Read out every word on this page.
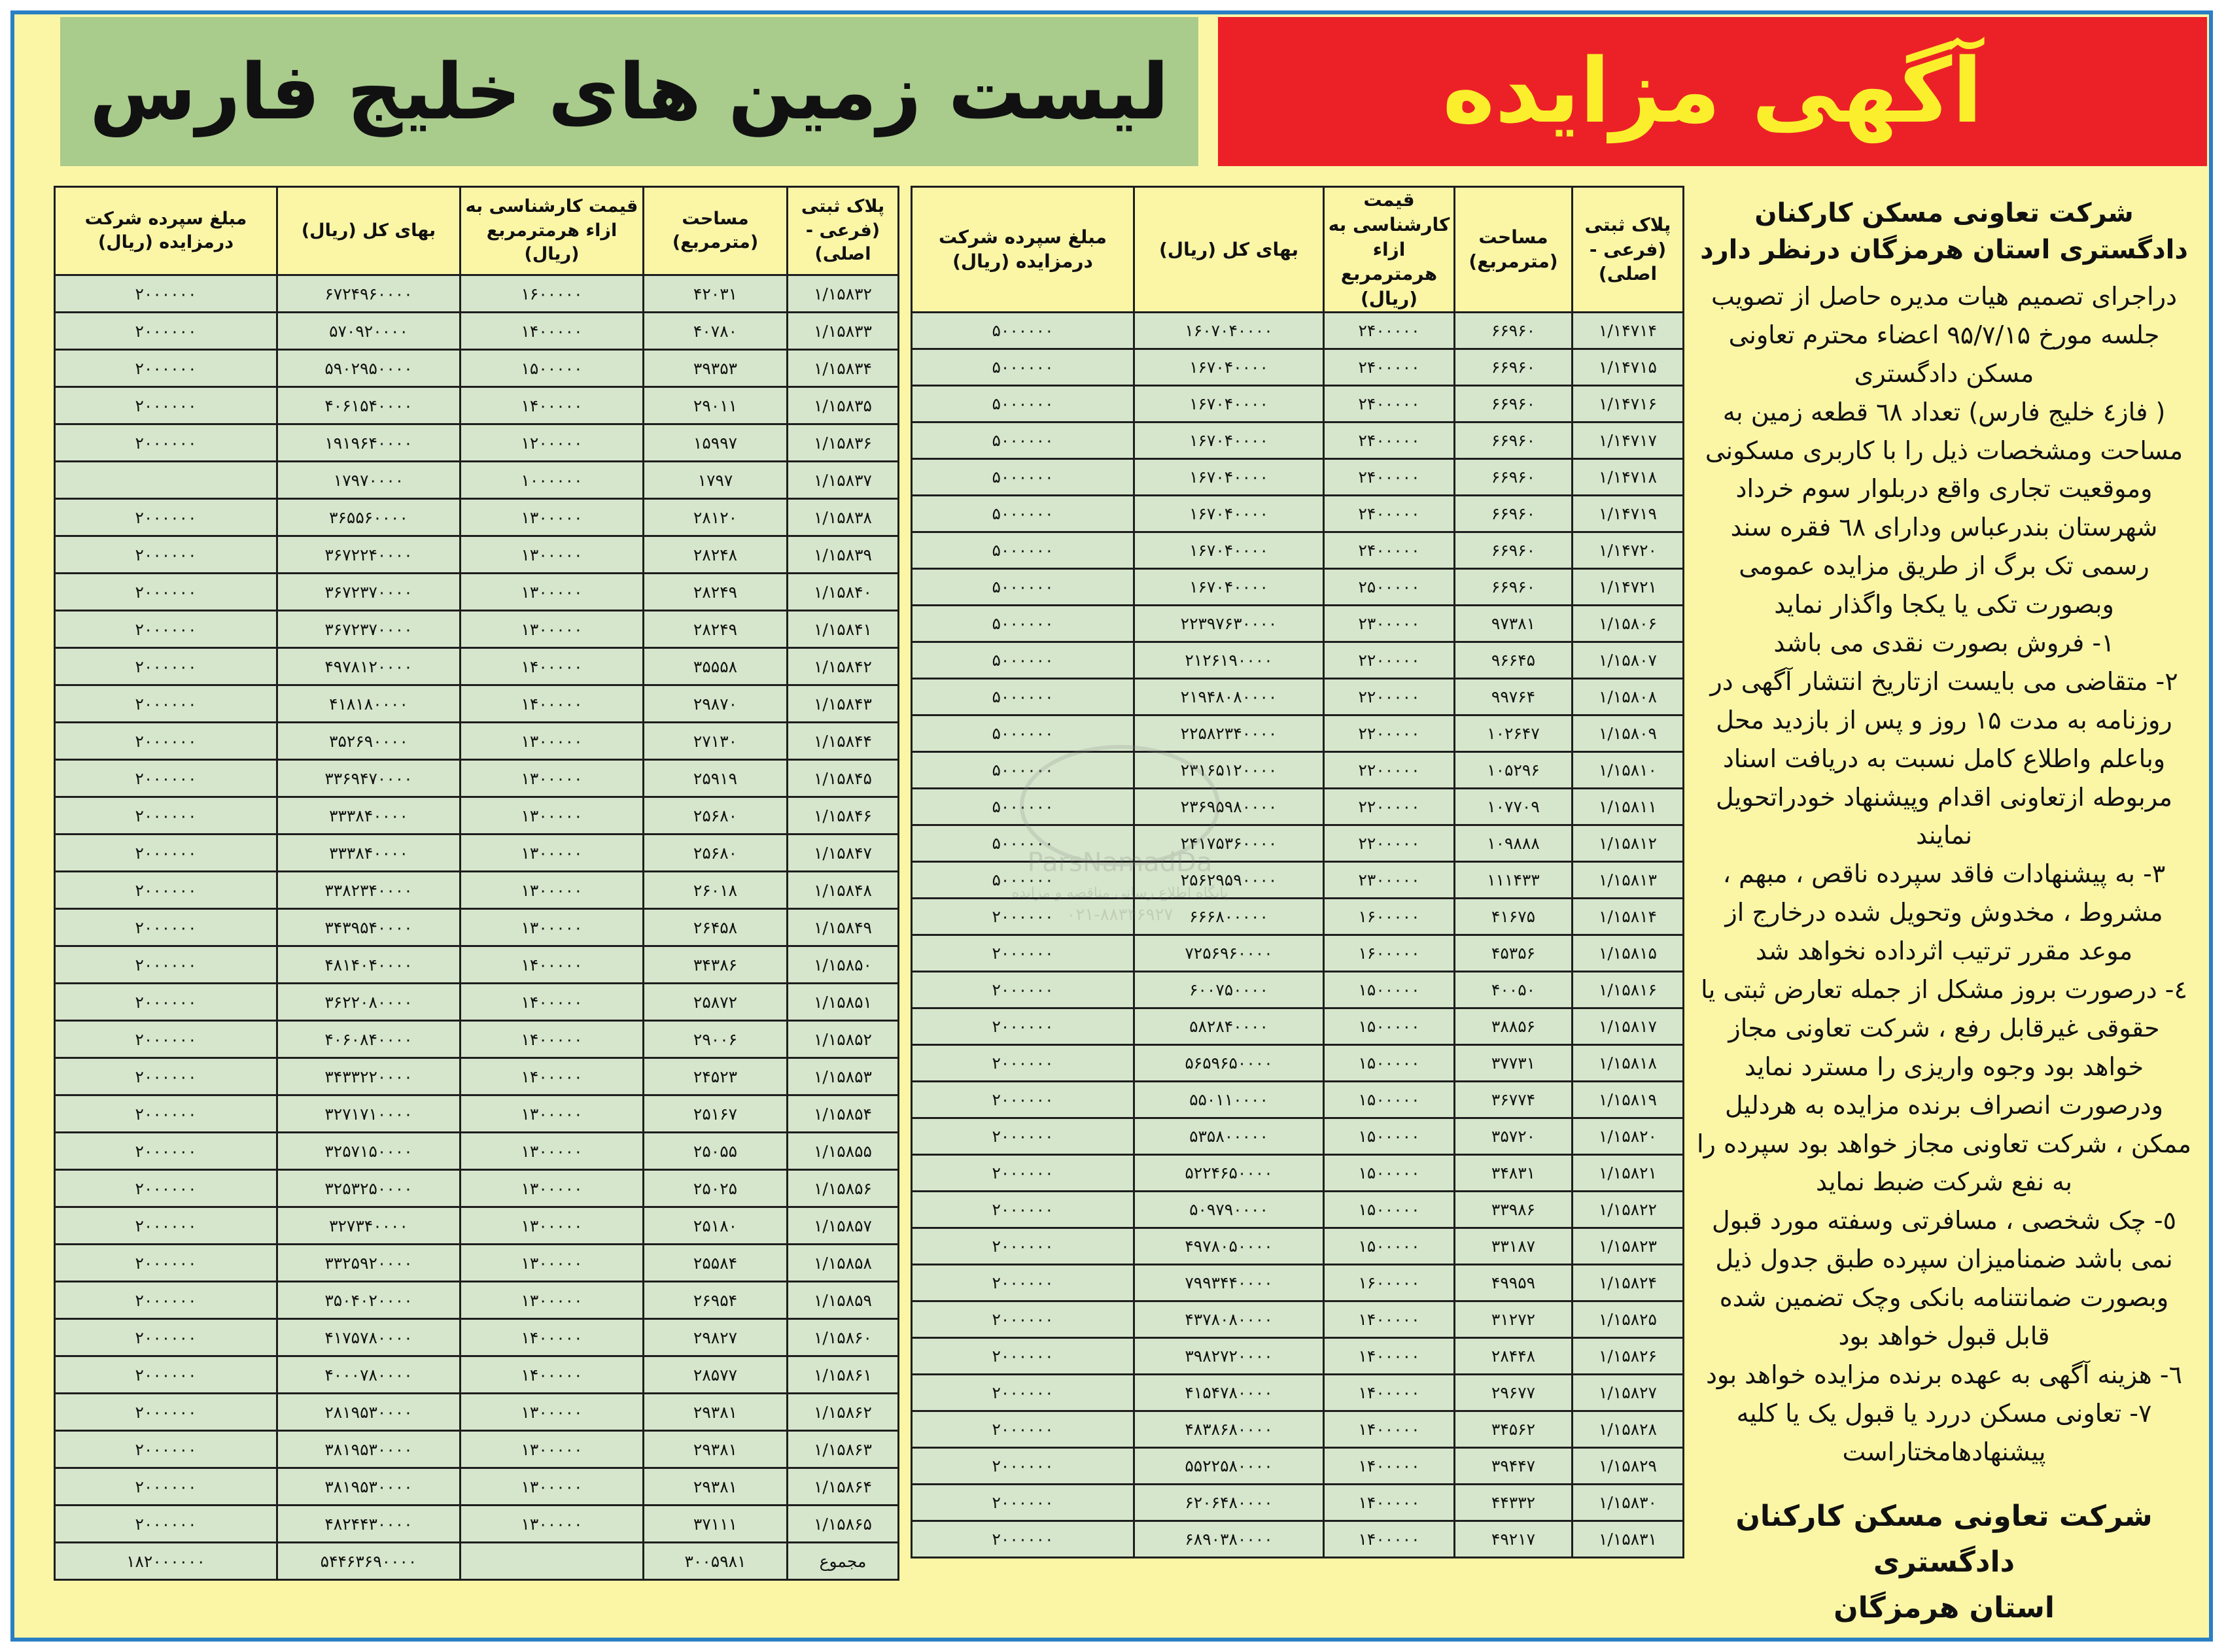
آگهی مزایده
لیست زمین های خلیج فارس
شرکت تعاونی مسکن کارکنان دادگستری استان هرمزگان درنظر دارد

دراجرای تصمیم هیات مدیره حاصل از تصویب جلسه مورخ ۹۵/۷/۱۵ اعضاء محترم تعاونی مسکن دادگستری

( فاز٤ خلیج فارس) تعداد ٦٨ قطعه زمین به مساحت ومشخصات ذیل را با کاربری مسکونی وموقعیت تجاری واقع دربلوار سوم خرداد شهرستان بندرعباس ودارای ٦٨ فقره سند رسمی تک برگ از طریق مزایده عمومی وبصورت تکی یا یکجا واگذار نماید

۱- فروش بصورت نقدی می باشد

۲- متقاضی می بایست ازتاریخ انتشار آگهی در روزنامه به مدت ۱۵ روز و پس از بازدید محل وباعلم واطلاع کامل نسبت به دریافت اسناد مربوطه ازتعاونی اقدام وپیشنهاد خودراتحویل نمایند

۳- به پیشنهادات فاقد سپرده ناقص ، مبهم ، مشروط ، مخدوش وتحویل شده درخارج از موعد مقرر ترتیب اثرداده نخواهد شد

٤- درصورت بروز مشکل از جمله تعارض ثبتی یا حقوقی غیرقابل رفع ، شرکت تعاونی مجاز خواهد بود وجوه واریزی را مسترد نماید ودرصورت انصراف برنده مزایده به هردلیل ممکن ، شرکت تعاونی مجاز خواهد بود سپرده را به نفع شرکت ضبط نماید

٥- چک شخصی ، مسافرتی وسفته مورد قبول نمی باشد ضمنامیزان سپرده طبق جدول ذیل وبصورت ضمانتنامه بانکی وچک تضمین شده قابل قبول خواهد بود

٦- هزینه آگهی به عهده برنده مزایده خواهد بود

۷- تعاونی مسکن دررد یا قبول یک یا کلیه پیشنهادهامختاراست

شرکت تعاونی مسکن کارکنان دادگستری
استان هرمزگان
پلاک ثبتی (فرعی - اصلی)	مساحت (مترمربع)	قیمت کارشناسی به ازاء هرمترمربع (ریال)	بهای کل (ریال)	مبلغ سپرده شرکت درمزایده (ریال)
۱/۱۴۷۱۴	۶۶۹۶۰	۲۴۰۰۰۰۰	۱۶۰۷۰۴۰۰۰۰	۵۰۰۰۰۰۰
۱/۱۴۷۱۵	۶۶۹۶۰	۲۴۰۰۰۰۰	۱۶۷۰۴۰۰۰۰	۵۰۰۰۰۰۰
۱/۱۴۷۱۶	۶۶۹۶۰	۲۴۰۰۰۰۰	۱۶۷۰۴۰۰۰۰	۵۰۰۰۰۰۰
۱/۱۴۷۱۷	۶۶۹۶۰	۲۴۰۰۰۰۰	۱۶۷۰۴۰۰۰۰	۵۰۰۰۰۰۰
۱/۱۴۷۱۸	۶۶۹۶۰	۲۴۰۰۰۰۰	۱۶۷۰۴۰۰۰۰	۵۰۰۰۰۰۰
۱/۱۴۷۱۹	۶۶۹۶۰	۲۴۰۰۰۰۰	۱۶۷۰۴۰۰۰۰	۵۰۰۰۰۰۰
۱/۱۴۷۲۰	۶۶۹۶۰	۲۴۰۰۰۰۰	۱۶۷۰۴۰۰۰۰	۵۰۰۰۰۰۰
۱/۱۴۷۲۱	۶۶۹۶۰	۲۵۰۰۰۰۰	۱۶۷۰۴۰۰۰۰	۵۰۰۰۰۰۰
۱/۱۵۸۰۶	۹۷۳۸۱	۲۳۰۰۰۰۰	۲۲۳۹۷۶۳۰۰۰۰	۵۰۰۰۰۰۰
۱/۱۵۸۰۷	۹۶۶۴۵	۲۲۰۰۰۰۰	۲۱۲۶۱۹۰۰۰۰	۵۰۰۰۰۰۰
۱/۱۵۸۰۸	۹۹۷۶۴	۲۲۰۰۰۰۰	۲۱۹۴۸۰۸۰۰۰۰	۵۰۰۰۰۰۰
۱/۱۵۸۰۹	۱۰۲۶۴۷	۲۲۰۰۰۰۰	۲۲۵۸۲۳۴۰۰۰۰	۵۰۰۰۰۰۰
۱/۱۵۸۱۰	۱۰۵۲۹۶	۲۲۰۰۰۰۰	۲۳۱۶۵۱۲۰۰۰۰	۵۰۰۰۰۰۰
۱/۱۵۸۱۱	۱۰۷۷۰۹	۲۲۰۰۰۰۰	۲۳۶۹۵۹۸۰۰۰۰	۵۰۰۰۰۰۰
۱/۱۵۸۱۲	۱۰۹۸۸۸	۲۲۰۰۰۰۰	۲۴۱۷۵۳۶۰۰۰۰	۵۰۰۰۰۰۰
۱/۱۵۸۱۳	۱۱۱۴۳۳	۲۳۰۰۰۰۰	۲۵۶۲۹۵۹۰۰۰۰	۵۰۰۰۰۰۰
۱/۱۵۸۱۴	۴۱۶۷۵	۱۶۰۰۰۰۰	۶۶۶۸۰۰۰۰۰	۲۰۰۰۰۰۰
۱/۱۵۸۱۵	۴۵۳۵۶	۱۶۰۰۰۰۰	۷۲۵۶۹۶۰۰۰۰	۲۰۰۰۰۰۰
۱/۱۵۸۱۶	۴۰۰۵۰	۱۵۰۰۰۰۰	۶۰۰۷۵۰۰۰۰	۲۰۰۰۰۰۰
۱/۱۵۸۱۷	۳۸۸۵۶	۱۵۰۰۰۰۰	۵۸۲۸۴۰۰۰۰	۲۰۰۰۰۰۰
۱/۱۵۸۱۸	۳۷۷۳۱	۱۵۰۰۰۰۰	۵۶۵۹۶۵۰۰۰۰	۲۰۰۰۰۰۰
۱/۱۵۸۱۹	۳۶۷۷۴	۱۵۰۰۰۰۰	۵۵۰۱۱۰۰۰۰	۲۰۰۰۰۰۰
۱/۱۵۸۲۰	۳۵۷۲۰	۱۵۰۰۰۰۰	۵۳۵۸۰۰۰۰۰	۲۰۰۰۰۰۰
۱/۱۵۸۲۱	۳۴۸۳۱	۱۵۰۰۰۰۰	۵۲۲۴۶۵۰۰۰۰	۲۰۰۰۰۰۰
۱/۱۵۸۲۲	۳۳۹۸۶	۱۵۰۰۰۰۰	۵۰۹۷۹۰۰۰۰	۲۰۰۰۰۰۰
۱/۱۵۸۲۳	۳۳۱۸۷	۱۵۰۰۰۰۰	۴۹۷۸۰۵۰۰۰۰	۲۰۰۰۰۰۰
۱/۱۵۸۲۴	۴۹۹۵۹	۱۶۰۰۰۰۰	۷۹۹۳۴۴۰۰۰۰	۲۰۰۰۰۰۰
۱/۱۵۸۲۵	۳۱۲۷۲	۱۴۰۰۰۰۰	۴۳۷۸۰۸۰۰۰۰	۲۰۰۰۰۰۰
۱/۱۵۸۲۶	۲۸۴۴۸	۱۴۰۰۰۰۰	۳۹۸۲۷۲۰۰۰۰	۲۰۰۰۰۰۰
۱/۱۵۸۲۷	۲۹۶۷۷	۱۴۰۰۰۰۰	۴۱۵۴۷۸۰۰۰۰	۲۰۰۰۰۰۰
۱/۱۵۸۲۸	۳۴۵۶۲	۱۴۰۰۰۰۰	۴۸۳۸۶۸۰۰۰۰	۲۰۰۰۰۰۰
۱/۱۵۸۲۹	۳۹۴۴۷	۱۴۰۰۰۰۰	۵۵۲۲۵۸۰۰۰۰	۲۰۰۰۰۰۰
۱/۱۵۸۳۰	۴۴۳۳۲	۱۴۰۰۰۰۰	۶۲۰۶۴۸۰۰۰۰	۲۰۰۰۰۰۰
۱/۱۵۸۳۱	۴۹۲۱۷	۱۴۰۰۰۰۰	۶۸۹۰۳۸۰۰۰۰	۲۰۰۰۰۰۰
پلاک ثبتی (فرعی - اصلی)	مساحت (مترمربع)	قیمت کارشناسی به ازاء هرمترمربع (ریال)	بهای کل (ریال)	مبلغ سپرده شرکت درمزایده (ریال)
۱/۱۵۸۳۲	۴۲۰۳۱	۱۶۰۰۰۰۰	۶۷۲۴۹۶۰۰۰۰	۲۰۰۰۰۰۰
۱/۱۵۸۳۳	۴۰۷۸۰	۱۴۰۰۰۰۰	۵۷۰۹۲۰۰۰۰	۲۰۰۰۰۰۰
۱/۱۵۸۳۴	۳۹۳۵۳	۱۵۰۰۰۰۰	۵۹۰۲۹۵۰۰۰۰	۲۰۰۰۰۰۰
۱/۱۵۸۳۵	۲۹۰۱۱	۱۴۰۰۰۰۰	۴۰۶۱۵۴۰۰۰۰	۲۰۰۰۰۰۰
۱/۱۵۸۳۶	۱۵۹۹۷	۱۲۰۰۰۰۰	۱۹۱۹۶۴۰۰۰۰	۲۰۰۰۰۰۰
۱/۱۵۸۳۷	۱۷۹۷	۱۰۰۰۰۰۰	۱۷۹۷۰۰۰۰	
۱/۱۵۸۳۸	۲۸۱۲۰	۱۳۰۰۰۰۰	۳۶۵۵۶۰۰۰۰	۲۰۰۰۰۰۰
۱/۱۵۸۳۹	۲۸۲۴۸	۱۳۰۰۰۰۰	۳۶۷۲۲۴۰۰۰۰	۲۰۰۰۰۰۰
۱/۱۵۸۴۰	۲۸۲۴۹	۱۳۰۰۰۰۰	۳۶۷۲۳۷۰۰۰۰	۲۰۰۰۰۰۰
۱/۱۵۸۴۱	۲۸۲۴۹	۱۳۰۰۰۰۰	۳۶۷۲۳۷۰۰۰۰	۲۰۰۰۰۰۰
۱/۱۵۸۴۲	۳۵۵۵۸	۱۴۰۰۰۰۰	۴۹۷۸۱۲۰۰۰۰	۲۰۰۰۰۰۰
۱/۱۵۸۴۳	۲۹۸۷۰	۱۴۰۰۰۰۰	۴۱۸۱۸۰۰۰۰	۲۰۰۰۰۰۰
۱/۱۵۸۴۴	۲۷۱۳۰	۱۳۰۰۰۰۰	۳۵۲۶۹۰۰۰۰	۲۰۰۰۰۰۰
۱/۱۵۸۴۵	۲۵۹۱۹	۱۳۰۰۰۰۰	۳۳۶۹۴۷۰۰۰۰	۲۰۰۰۰۰۰
۱/۱۵۸۴۶	۲۵۶۸۰	۱۳۰۰۰۰۰	۳۳۳۸۴۰۰۰۰	۲۰۰۰۰۰۰
۱/۱۵۸۴۷	۲۵۶۸۰	۱۳۰۰۰۰۰	۳۳۳۸۴۰۰۰۰	۲۰۰۰۰۰۰
۱/۱۵۸۴۸	۲۶۰۱۸	۱۳۰۰۰۰۰	۳۳۸۲۳۴۰۰۰۰	۲۰۰۰۰۰۰
۱/۱۵۸۴۹	۲۶۴۵۸	۱۳۰۰۰۰۰	۳۴۳۹۵۴۰۰۰۰	۲۰۰۰۰۰۰
۱/۱۵۸۵۰	۳۴۳۸۶	۱۴۰۰۰۰۰	۴۸۱۴۰۴۰۰۰۰	۲۰۰۰۰۰۰
۱/۱۵۸۵۱	۲۵۸۷۲	۱۴۰۰۰۰۰	۳۶۲۲۰۸۰۰۰۰	۲۰۰۰۰۰۰
۱/۱۵۸۵۲	۲۹۰۰۶	۱۴۰۰۰۰۰	۴۰۶۰۸۴۰۰۰۰	۲۰۰۰۰۰۰
۱/۱۵۸۵۳	۲۴۵۲۳	۱۴۰۰۰۰۰	۳۴۳۳۲۲۰۰۰۰	۲۰۰۰۰۰۰
۱/۱۵۸۵۴	۲۵۱۶۷	۱۳۰۰۰۰۰	۳۲۷۱۷۱۰۰۰۰	۲۰۰۰۰۰۰
۱/۱۵۸۵۵	۲۵۰۵۵	۱۳۰۰۰۰۰	۳۲۵۷۱۵۰۰۰۰	۲۰۰۰۰۰۰
۱/۱۵۸۵۶	۲۵۰۲۵	۱۳۰۰۰۰۰	۳۲۵۳۲۵۰۰۰۰	۲۰۰۰۰۰۰
۱/۱۵۸۵۷	۲۵۱۸۰	۱۳۰۰۰۰۰	۳۲۷۳۴۰۰۰۰	۲۰۰۰۰۰۰
۱/۱۵۸۵۸	۲۵۵۸۴	۱۳۰۰۰۰۰	۳۳۲۵۹۲۰۰۰۰	۲۰۰۰۰۰۰
۱/۱۵۸۵۹	۲۶۹۵۴	۱۳۰۰۰۰۰	۳۵۰۴۰۲۰۰۰۰	۲۰۰۰۰۰۰
۱/۱۵۸۶۰	۲۹۸۲۷	۱۴۰۰۰۰۰	۴۱۷۵۷۸۰۰۰۰	۲۰۰۰۰۰۰
۱/۱۵۸۶۱	۲۸۵۷۷	۱۴۰۰۰۰۰	۴۰۰۰۷۸۰۰۰۰	۲۰۰۰۰۰۰
۱/۱۵۸۶۲	۲۹۳۸۱	۱۳۰۰۰۰۰	۲۸۱۹۵۳۰۰۰۰	۲۰۰۰۰۰۰
۱/۱۵۸۶۳	۲۹۳۸۱	۱۳۰۰۰۰۰	۳۸۱۹۵۳۰۰۰۰	۲۰۰۰۰۰۰
۱/۱۵۸۶۴	۲۹۳۸۱	۱۳۰۰۰۰۰	۳۸۱۹۵۳۰۰۰۰	۲۰۰۰۰۰۰
۱/۱۵۸۶۵	۳۷۱۱۱	۱۳۰۰۰۰۰	۴۸۲۴۴۳۰۰۰۰	۲۰۰۰۰۰۰
مجموع	۳۰۰۵۹۸۱		۵۴۴۶۳۶۹۰۰۰۰	۱۸۲۰۰۰۰۰۰
ParsNamadDa
پایگاه اطلاع رسانی مناقصه و مزایده
۰۲۱-۸۸۳۴۶۹۲۷
